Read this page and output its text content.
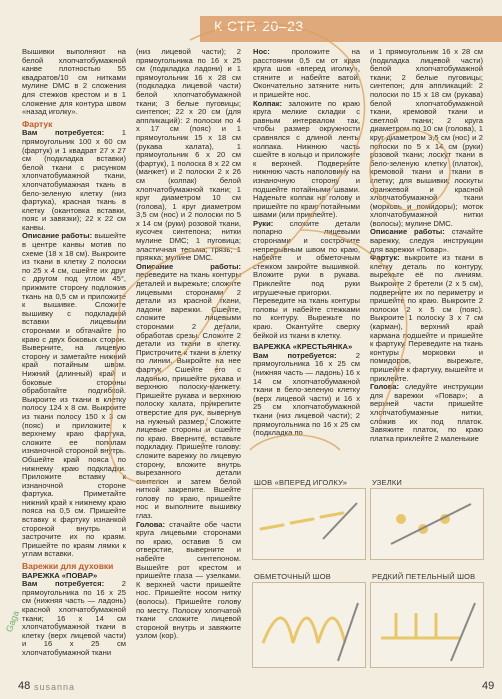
К СТР. 20–23

Вышивки выполняют на белой хлопчатобумажной канве плотностью 55 квадратов/10 см нитками мулине DMC в 2 сложения для стежков крестом и в 1 сложение для контура швом «назад иголку».

Фартук

Вам потребуется: 1 прямоугольник 100 х 60 см (фартук) и 1 квадрат 27 х 27 см (подкладка вставки) белой ткани с рисунком хлопчатобумажной ткани, хлопчатобумажная ткань в бело-зеленую клетку (низ фартука), красная ткань в клетку (окантовка вставки, пояс и завязки); 22 х 22 см канвы.

Описание работы: вышейте в центре канвы мотив по схеме (18 х 18 см). Выкроите из ткани в клетку 2 полоски по 25 х 4 см, сшейте их друг с другом под углом 45°, прижмите сторону подложив ткань на 0,5 см и приложите к вышивке. Сложите вышивку с подкладкой вставки лицевыми сторонами и обтачайте по краю с двух боковых сторон. Выверните, на лицевую сторону и заметайте нижний край потайным швом. Нижний (длинный) край и боковые стороны обработайте подгибкой. Выкроите из ткани в клетку полосу 124 х 8 см. Выкроите из ткани полосу 150 х 3 см (пояс) и приложите к верхнему краю фартука, сложите ее пополам изнаночной стороной внутрь. Обшейте край пояса по нижнему краю подкладки. Приложите вставку к изнаночной стороне фартука. Приметайте нижний край к нижнему краю пояса на 0,5 см. Пришейте вставку к фартуку изнанкой стороной внутрь и застрочите их по краям. Пришейте по краям лямки к углам вставки.

Варежки для духовки

ВАРЕЖКА «ПОВАР»

Вам потребуется: 2 прямоугольника по 16 х 25 см (нижняя часть — ладонь) красной хлопчатобумажной ткани; 16 х 14 см хлопчатобумажной ткани в клетку (верх лицевой части) и 16 х 25 см хлопчатобумажной ткани

(низ лицевой части); 2 прямоугольника по 16 х 25 см (подкладка ладони) и 1 прямоугольник 16 х 28 см (подкладка лицевой части) белой хлопчатобумажной ткани; 3 белые пуговицы; синтепон; 22 х 20 см (для аппликаций): 2 полоски по 4 х 17 см (пояс) и 1 прямоугольник 15 х 18 см (рукава халата), 1 прямоугольник 6 х 20 см (фартук), 1 полоска 8 х 22 см (манжет) и 2 полоски 2 х 26 см (колпак) белой хлопчатобумажной ткани; 1 круг диаметром 10 см (голова), 1 круг диаметром 3,5 см (нос) и 2 полоски по 5 х 14 см (руки) розовой ткани, кусочек синтепона; нитки мулине DMC; 1 пуговица; эластичная тесьма; грязь; 1 пряжка; мулине DMC.

Описание работы: переведите на ткань контуры деталей и вырежьте; сложите лицевыми сторонами 2 детали из красной ткани, ладони варежки. Сшейте, сложите лицевыми сторонами 2 детали, обработав срезы. Сложите 2 детали из ткани в клетку. Пристрочите к ткани в клетку по линии. Выкройте на нее фартук. Сшейте его с ладонью, пришейте рукава и верхнюю полоску-манжету. Пришейте рукава и верхнюю полоску халата, прикрепите отверстие для рук, вывернув на нужный размер. Сложите лицевые стороны и сшейте по краю. Вверните, вставьте подкладку. Пришейте голову: сложите варежку по лицевую сторону, вложите внутрь вырезанного детали синтепон и затем белой ниткой закрепите. Вшейте голову по краю, пришейте нос и выполните вышивку глаз.

Голова: стачайте обе части круга лицевыми сторонами по краю, оставив 5 см отверстие, выверните и набейте синтепоном. Вышейте рот крестом и пришейте глаза — узелками. К верхней части пришейте нос. Пришейте носом нитку (волосы). Пришейте голову по месту. Полоску хлопчатой ткани сложите лицевой стороной внутрь и завяжите узлом (кор).

Нос:	проложите на расстоянии 0,5 см от края круга шов «вперед иголку», стяните и набейте ватой. Окончательно затяните нить и пришейте нос.

Колпак: заложите по краю круга мелкие складки с равным интервалом так, чтобы размер окружности сравнялся с длиной ленты колпака. Нижнюю часть сшейте в кольцо и приложите к верхней. Подверните нижнюю часть наполовину на изнаночную сторону и подшейте потайными швами. Наденьте колпак на голову и пришейте по краю потайными швами (или приклейте).

Руки: сложите детали попарно лицевыми сторонами и сострочите непрерывным швом по краю, набейте и обметочным стежком закройте вышивкой. Вложите руки в рукава. Приклейте под руки игрушечные пригорки.

Переведите на ткань контуры головы и набейте стежками по контуру. Вырежьте по краю. Окантуйте сверху бейкой из ткани в клетку.

ВАРЕЖКА «КРЕСТЬЯНКА»

Вам потребуется:	2 прямоугольника 16 х 25 см (нижняя часть — ладонь) 16 х 14 см хлопчатобумажной ткани в бело-зеленую клетку (верх лицевой части) и 16 х 25 см хлопчатобумажной ткани (низ лицевой части); 2 прямоугольника по 16 х 25 см (подкладка по

и 1 прямоугольник 16 х 28 см (подкладка лицевой части) белой хлопчатобумажной ткани; 2 белые пуговицы; синтепон; для аппликаций: 2 полоски по 15 х 18 см (рукава) белой хлопчатобумажной ткани, кремовой ткани и светлой ткани; 2 круга диаметром по 10 см (голова), 1 круг диаметром 3,5 см (нос) и 2 полоски по 5 х 14 см (руки) розовой ткани; лоскут ткани в бело-зеленую клетку (платок), кремовой ткани и ткани в клетку; для вышивки; лоскуты оранжевой и красной хлопчатобумажной ткани (морковь и помидоры); моток хлопчатобумажной нитки (волосы); мулине DMC.

Описание работы: стачайте варежку, следуя инструкции для варежки «Повар».

Фартук: выкроите из ткани в клетку деталь по контуру, вырежьте её по линиям. Выкроите 2 бретели (2 х 5 см), подверните их по периметру и пришейте по краю. Выкроите 2 полоски 2 х 5 см (пояс). Выкроите 1 полоску 3 х 7 см (карман), верхний край кармана подшейте и пришейте к фартуку. Переведите на ткань контуры морковки и помидоров, вырежьте, пришейте к фартуку, вышейте и приклейте.

Голова: следуйте инструкции для варежки «Повар»; а верхней части пришейте хлопчатобумажные нитки, сложив их под платок. Завяжите платок, по краю платка приклейте 2 маленькие

ШОВ «ВПЕРЕД ИГОЛКУ»	УЗЕЛКИ
ОБМЕТОЧНЫЙ ШОВ	РЕДКИЙ ПЕТЕЛЬНЫЙ ШОВ
48 susanna	49
Gaga
